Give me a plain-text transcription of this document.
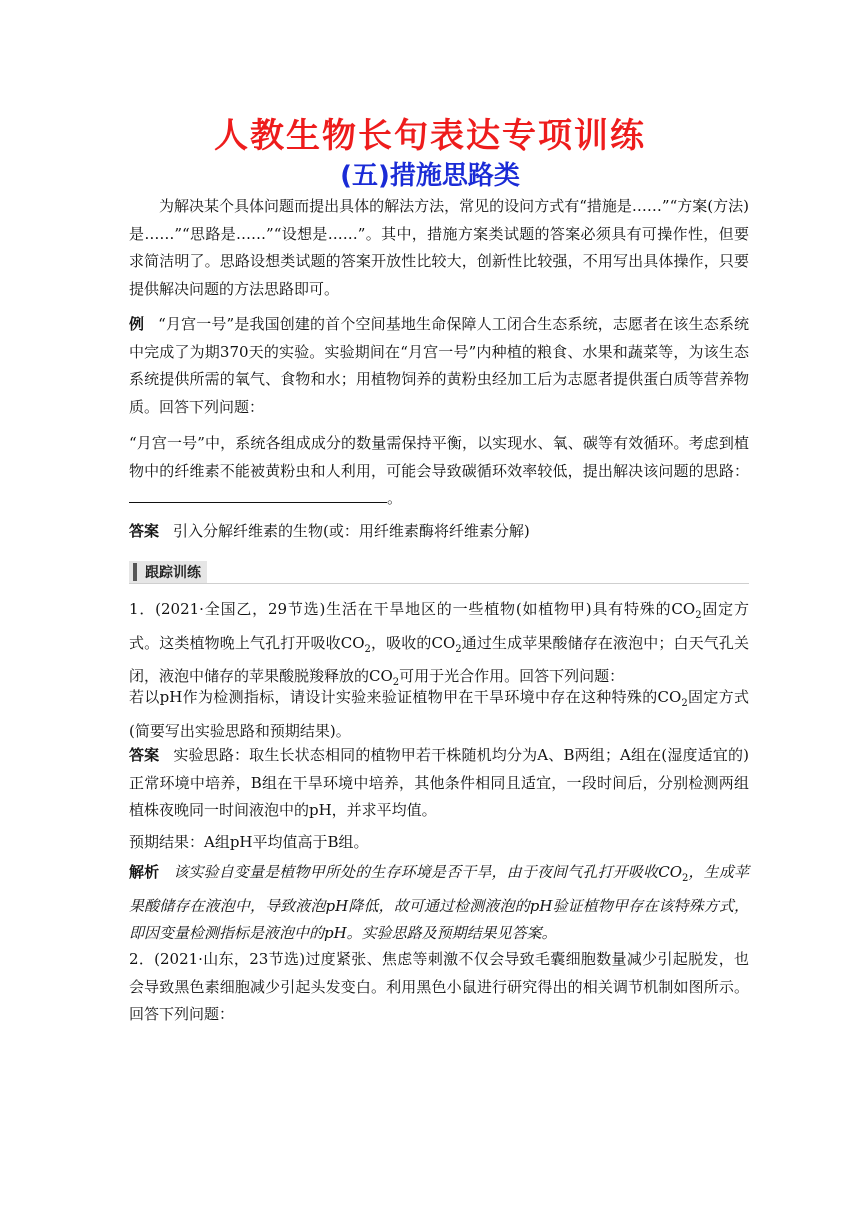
人教生物长句表达专项训练
(五)措施思路类
为解决某个具体问题而提出具体的解法方法，常见的设问方式有“措施是……”“方案(方法)是……”“思路是……”“设想是……”。其中，措施方案类试题的答案必须具有可操作性，但要求简洁明了。思路设想类试题的答案开放性比较大，创新性比较强，不用写出具体操作，只要提供解决问题的方法思路即可。
例 “月宫一号”是我国创建的首个空间基地生命保障人工闭合生态系统，志愿者在该生态系统中完成了为期370天的实验。实验期间在“月宫一号”内种植的粮食、水果和蔬菜等，为该生态系统提供所需的氧气、食物和水；用植物饲养的黄粉虫经加工后为志愿者提供蛋白质等营养物质。回答下列问题：
“月宫一号”中，系统各组成成分的数量需保持平衡，以实现水、氧、碳等有效循环。考虑到植物中的纤维素不能被黄粉虫和人利用，可能会导致碳循环效率较低，提出解决该问题的思路：。
答案 引入分解纤维素的生物(或：用纤维素酶将纤维素分解)
跟踪训练
1．(2021·全国乙，29节选)生活在干旱地区的一些植物(如植物甲)具有特殊的$CO_2$固定方式。这类植物晚上气孔打开吸收$CO_2$，吸收的$CO_2$通过生成苹果酸储存在液泡中；白天气孔关闭，液泡中储存的苹果酸脱羧释放的$CO_2$可用于光合作用。回答下列问题：
若以pH作为检测指标，请设计实验来验证植物甲在干旱环境中存在这种特殊的$CO_2$固定方式(简要写出实验思路和预期结果)。
答案 实验思路：取生长状态相同的植物甲若干株随机均分为A、B两组；A组在(湿度适宜的)正常环境中培养，B组在干旱环境中培养，其他条件相同且适宜，一段时间后，分别检测两组植株夜晚同一时间液泡中的pH，并求平均值。
预期结果：A组pH平均值高于B组。
解析 该实验自变量是植物甲所处的生存环境是否干旱，由于夜间气孔打开吸收$CO_2$，生成苹果酸储存在液泡中，导致液泡pH降低，故可通过检测液泡的pH验证植物甲存在该特殊方式，即因变量检测指标是液泡中的pH。实验思路及预期结果见答案。
2．(2021·山东，23节选)过度紧张、焦虑等刺激不仅会导致毛囊细胞数量减少引起脱发，也会导致黑色素细胞减少引起头发变白。利用黑色小鼠进行研究得出的相关调节机制如图所示。回答下列问题：
